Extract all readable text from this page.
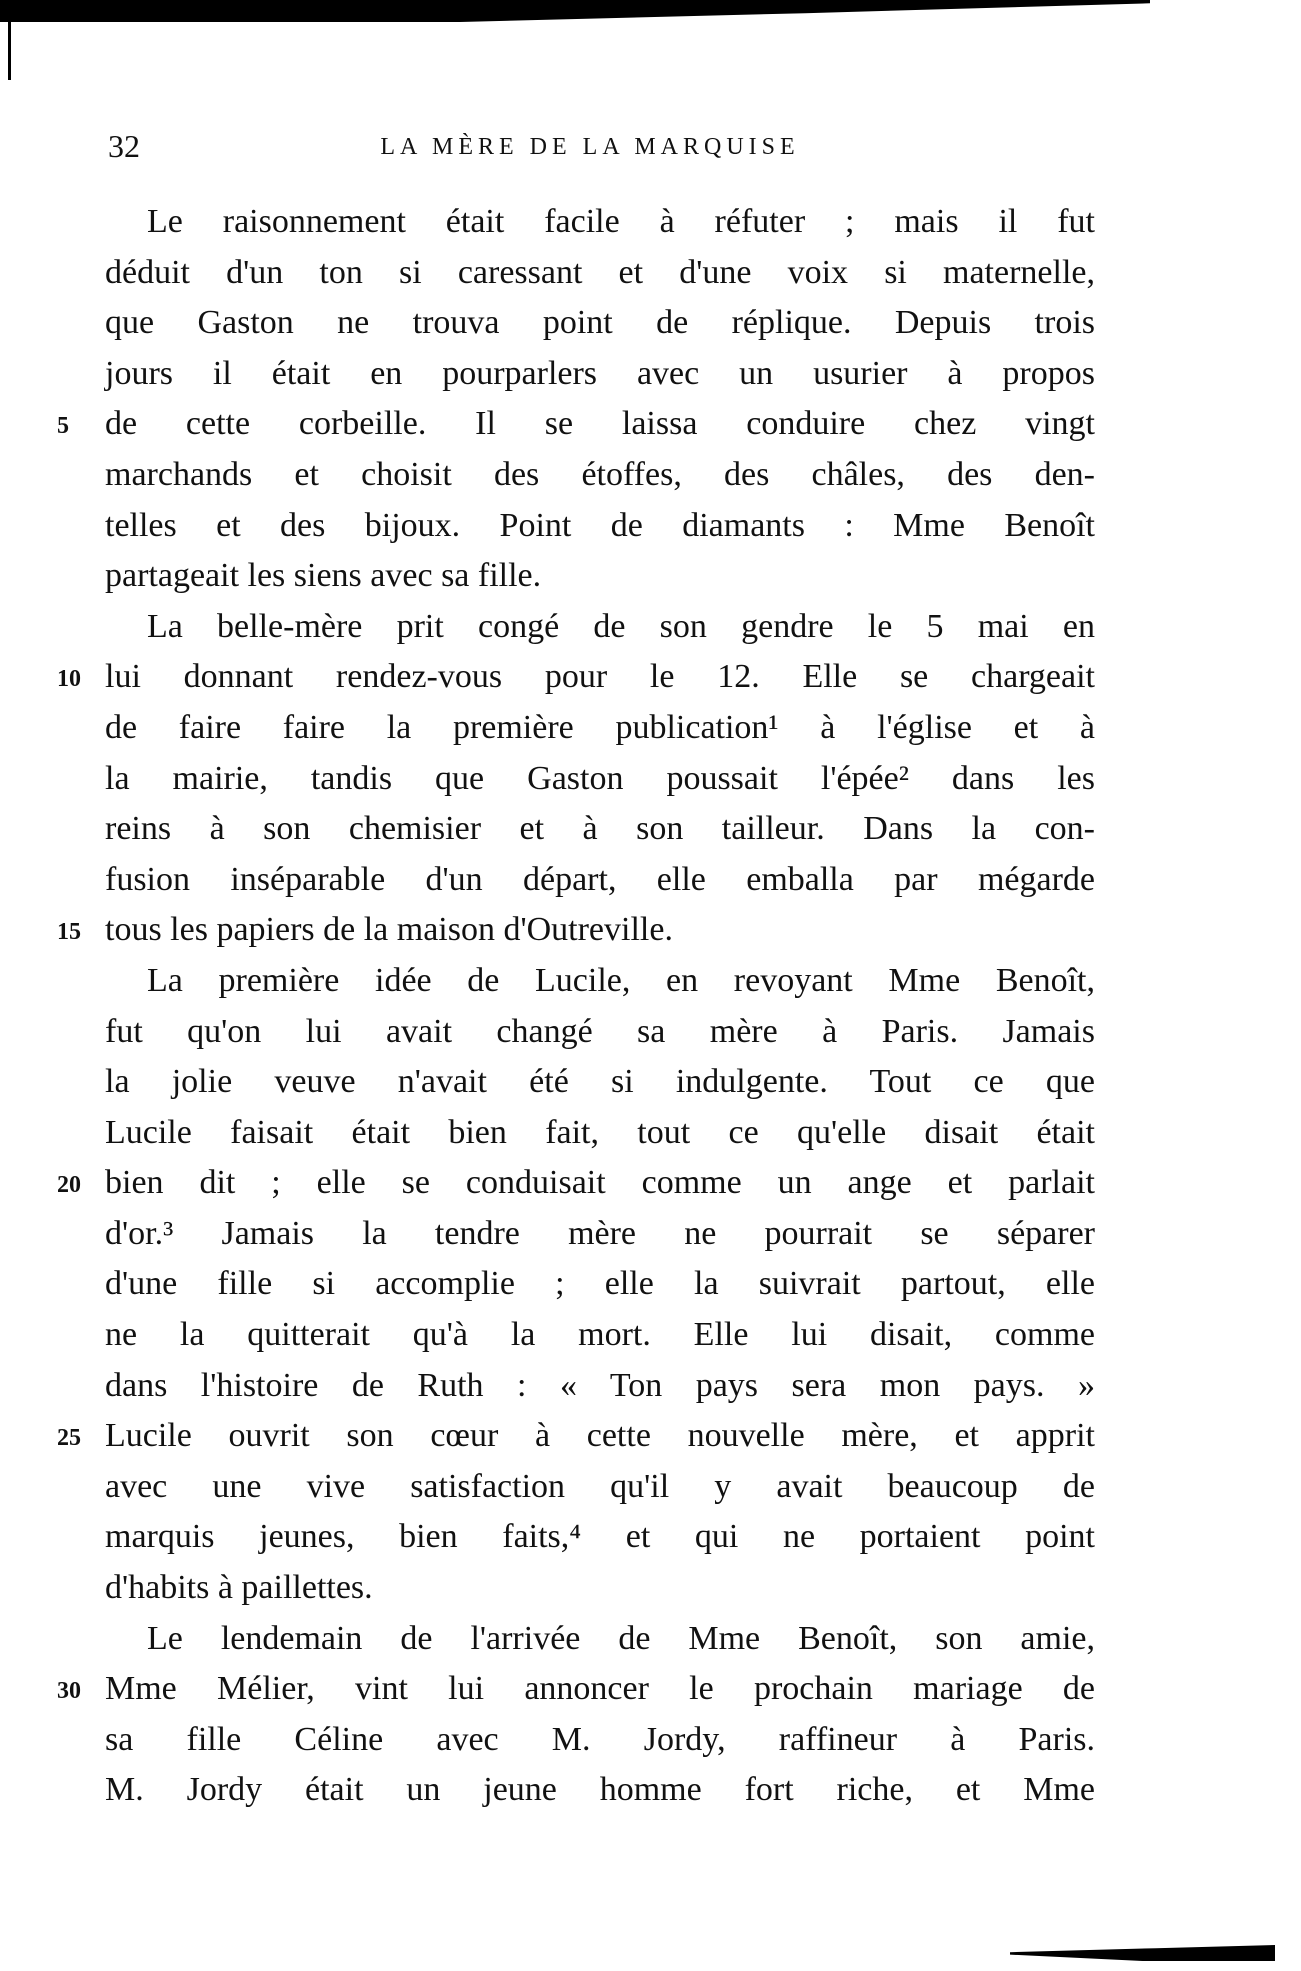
32	LA MÈRE DE LA MARQUISE
Le raisonnement était facile à réfuter ; mais il fut
déduit d'un ton si caressant et d'une voix si maternelle,
que Gaston ne trouva point de réplique. Depuis trois
jours il était en pourparlers avec un usurier à propos
5 de cette corbeille. Il se laissa conduire chez vingt
marchands et choisit des étoffes, des châles, des den-
telles et des bijoux. Point de diamants : Mme Benoît
partageait les siens avec sa fille.
La belle-mère prit congé de son gendre le 5 mai en
10 lui donnant rendez-vous pour le 12. Elle se chargeait
de faire faire la première publication¹ à l'église et à
la mairie, tandis que Gaston poussait l'épée² dans les
reins à son chemisier et à son tailleur. Dans la con-
fusion inséparable d'un départ, elle emballa par mégarde
15 tous les papiers de la maison d'Outreville.
La première idée de Lucile, en revoyant Mme Benoît,
fut qu'on lui avait changé sa mère à Paris. Jamais
la jolie veuve n'avait été si indulgente. Tout ce que
Lucile faisait était bien fait, tout ce qu'elle disait était
20 bien dit ; elle se conduisait comme un ange et parlait
d'or.³ Jamais la tendre mère ne pourrait se séparer
d'une fille si accomplie ; elle la suivrait partout, elle
ne la quitterait qu'à la mort. Elle lui disait, comme
dans l'histoire de Ruth : « Ton pays sera mon pays. »
25 Lucile ouvrit son cœur à cette nouvelle mère, et apprit
avec une vive satisfaction qu'il y avait beaucoup de
marquis jeunes, bien faits,⁴ et qui ne portaient point
d'habits à paillettes.
Le lendemain de l'arrivée de Mme Benoît, son amie,
30 Mme Mélier, vint lui annoncer le prochain mariage de
sa fille Céline avec M. Jordy, raffineur à Paris.
M. Jordy était un jeune homme fort riche, et Mme
